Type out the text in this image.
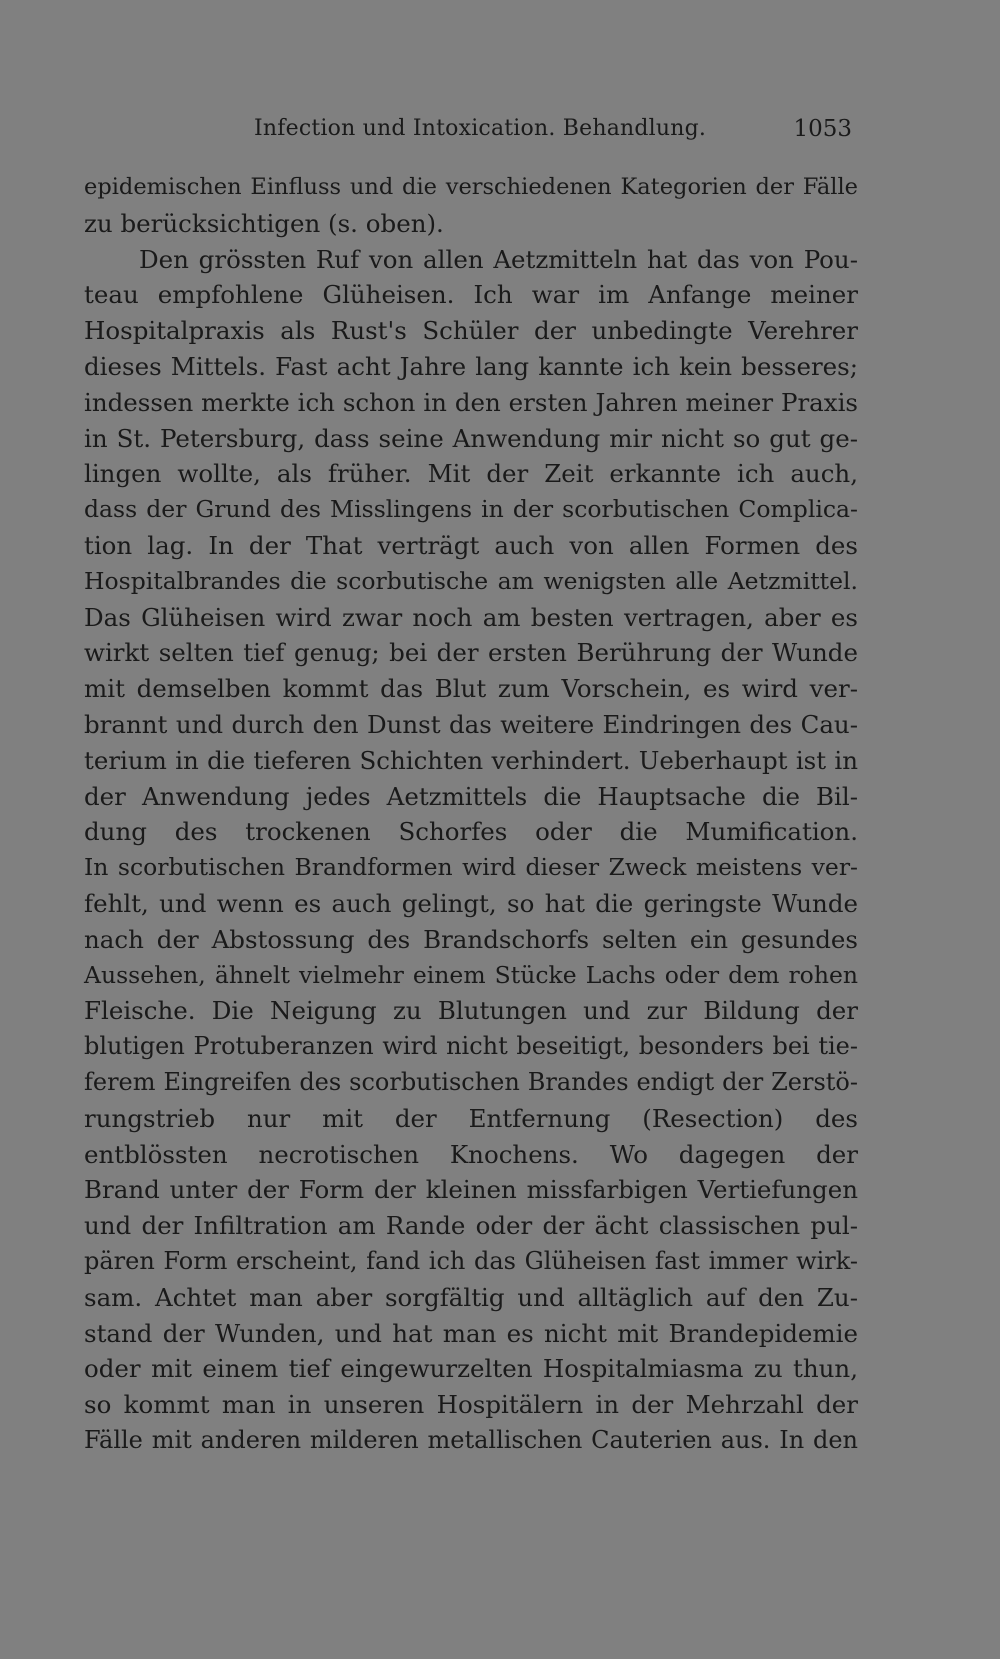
Infection und Intoxication. Behandlung.	1053
epidemischen Einfluss und die verschiedenen Kategorien der Fälle
zu berücksichtigen (s. oben).
Den grössten Ruf von allen Aetzmitteln hat das von Pou-
teau empfohlene Glüheisen. Ich war im Anfange meiner
Hospitalpraxis als Rust's Schüler der unbedingte Verehrer
dieses Mittels. Fast acht Jahre lang kannte ich kein besseres;
indessen merkte ich schon in den ersten Jahren meiner Praxis
in St. Petersburg, dass seine Anwendung mir nicht so gut ge-
lingen wollte, als früher. Mit der Zeit erkannte ich auch,
dass der Grund des Misslingens in der scorbutischen Complica-
tion lag. In der That verträgt auch von allen Formen des
Hospitalbrandes die scorbutische am wenigsten alle Aetzmittel.
Das Glüheisen wird zwar noch am besten vertragen, aber es
wirkt selten tief genug; bei der ersten Berührung der Wunde
mit demselben kommt das Blut zum Vorschein, es wird ver-
brannt und durch den Dunst das weitere Eindringen des Cau-
terium in die tieferen Schichten verhindert. Ueberhaupt ist in
der Anwendung jedes Aetzmittels die Hauptsache die Bil-
dung des trockenen Schorfes oder die Mumification.
In scorbutischen Brandformen wird dieser Zweck meistens ver-
fehlt, und wenn es auch gelingt, so hat die geringste Wunde
nach der Abstossung des Brandschorfs selten ein gesundes
Aussehen, ähnelt vielmehr einem Stücke Lachs oder dem rohen
Fleische. Die Neigung zu Blutungen und zur Bildung der
blutigen Protuberanzen wird nicht beseitigt, besonders bei tie-
ferem Eingreifen des scorbutischen Brandes endigt der Zerstö-
rungstrieb nur mit der Entfernung (Resection) des
entblössten necrotischen Knochens. Wo dagegen der
Brand unter der Form der kleinen missfarbigen Vertiefungen
und der Infiltration am Rande oder der ächt classischen pul-
pären Form erscheint, fand ich das Glüheisen fast immer wirk-
sam. Achtet man aber sorgfältig und alltäglich auf den Zu-
stand der Wunden, und hat man es nicht mit Brandepidemie
oder mit einem tief eingewurzelten Hospitalmiasma zu thun,
so kommt man in unseren Hospitälern in der Mehrzahl der
Fälle mit anderen milderen metallischen Cauterien aus. In den
